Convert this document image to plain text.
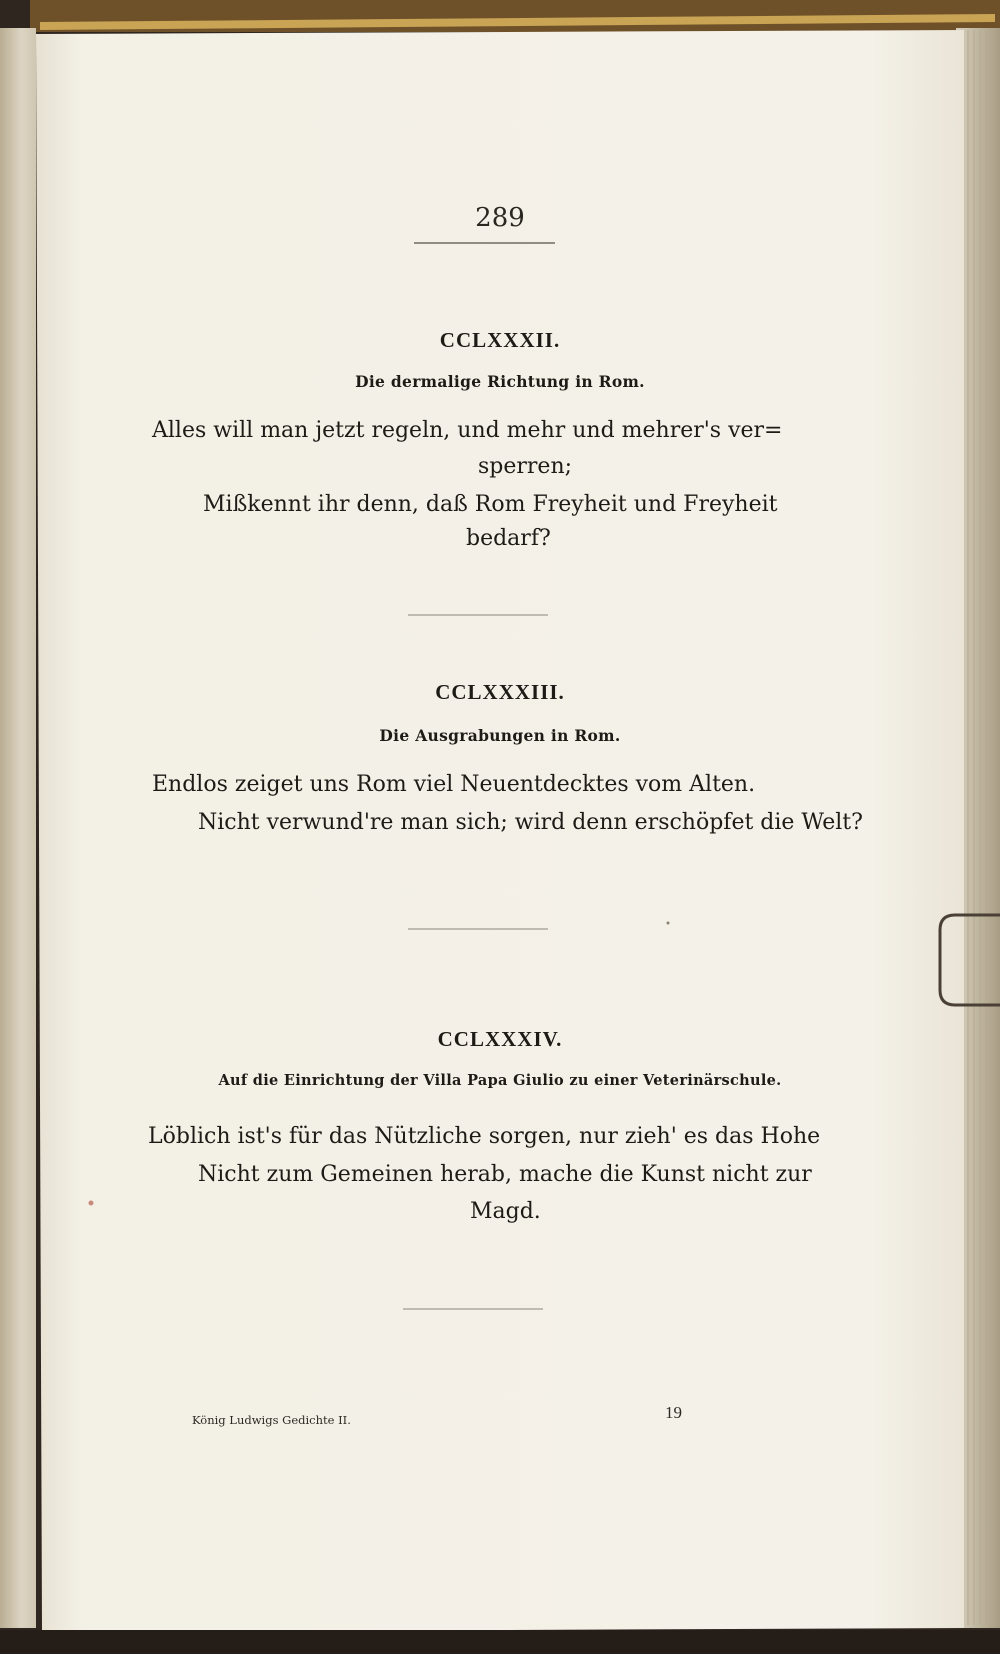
289
CCLXXXII.
Die dermalige Richtung in Rom.
Alles will man jetzt regeln, und mehr und mehrer's ver=
sperren;
Mißkennt ihr denn, daß Rom Freyheit und Freyheit
bedarf?
CCLXXXIII.
Die Ausgrabungen in Rom.
Endlos zeiget uns Rom viel Neuentdecktes vom Alten.
Nicht verwund're man sich; wird denn erschöpfet die Welt?
CCLXXXIV.
Auf die Einrichtung der Villa Papa Giulio zu einer Veterinärschule.
Löblich ist's für das Nützliche sorgen, nur zieh' es das Hohe
Nicht zum Gemeinen herab, mache die Kunst nicht zur
Magd.
König Ludwigs Gedichte II.	19
